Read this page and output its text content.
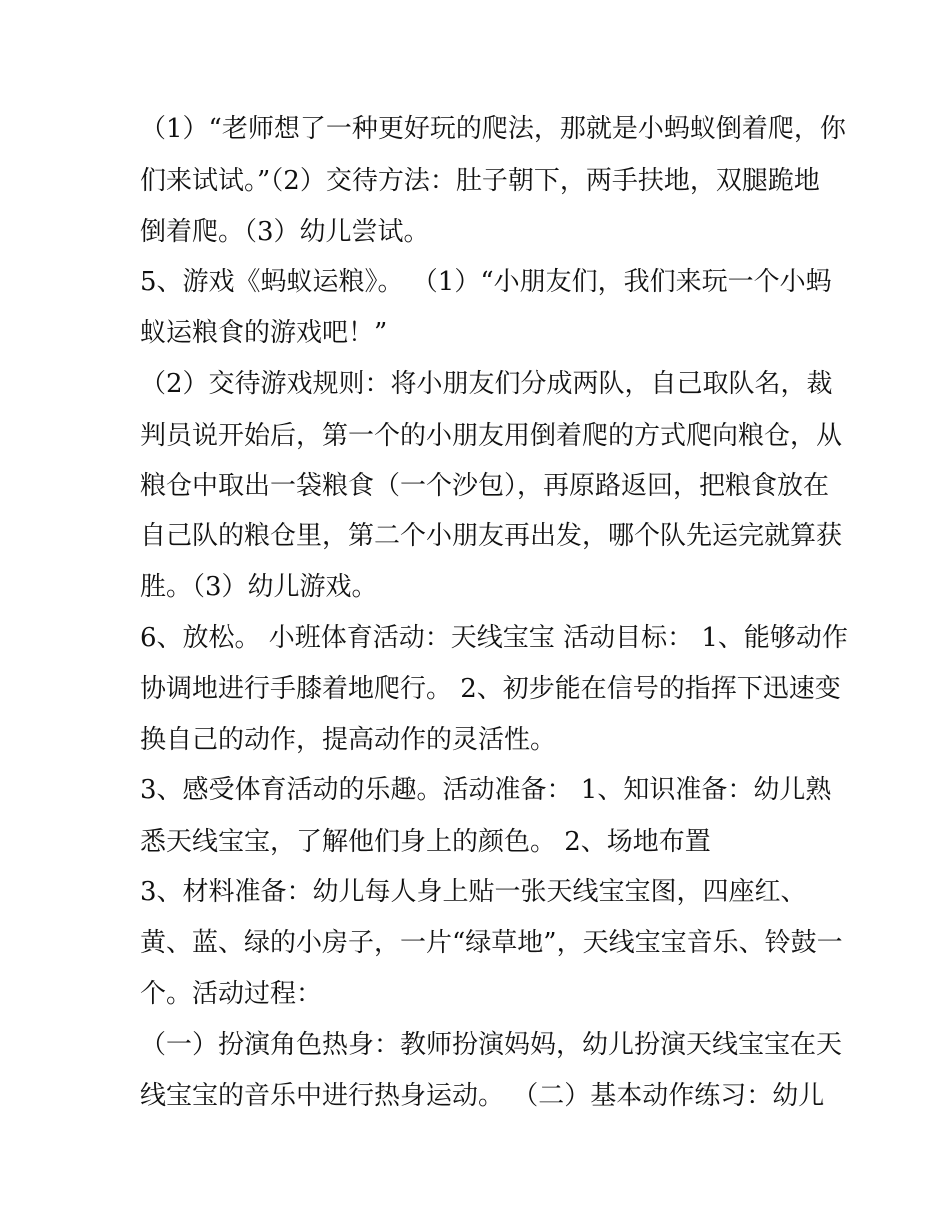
（1）“老师想了一种更好玩的爬法，那就是小蚂蚁倒着爬，你
们来试试。”（2）交待方法：肚子朝下，两手扶地，双腿跪地
倒着爬。（3）幼儿尝试。
5、游戏《蚂蚁运粮》。 （1）“小朋友们，我们来玩一个小蚂
蚁运粮食的游戏吧！”
（2）交待游戏规则：将小朋友们分成两队，自己取队名，裁
判员说开始后，第一个的小朋友用倒着爬的方式爬向粮仓，从
粮仓中取出一袋粮食（一个沙包），再原路返回，把粮食放在
自己队的粮仓里，第二个小朋友再出发，哪个队先运完就算获
胜。（3）幼儿游戏。
6、放松。 小班体育活动：天线宝宝 活动目标： 1、能够动作
协调地进行手膝着地爬行。 2、初步能在信号的指挥下迅速变
换自己的动作，提高动作的灵活性。
3、感受体育活动的乐趣。活动准备： 1、知识准备：幼儿熟
悉天线宝宝，了解他们身上的颜色。 2、场地布置
3、材料准备：幼儿每人身上贴一张天线宝宝图，四座红、
黄、蓝、绿的小房子，一片“绿草地”，天线宝宝音乐、铃鼓一
个。活动过程：
（一）扮演角色热身：教师扮演妈妈，幼儿扮演天线宝宝在天
线宝宝的音乐中进行热身运动。 （二）基本动作练习：幼儿
